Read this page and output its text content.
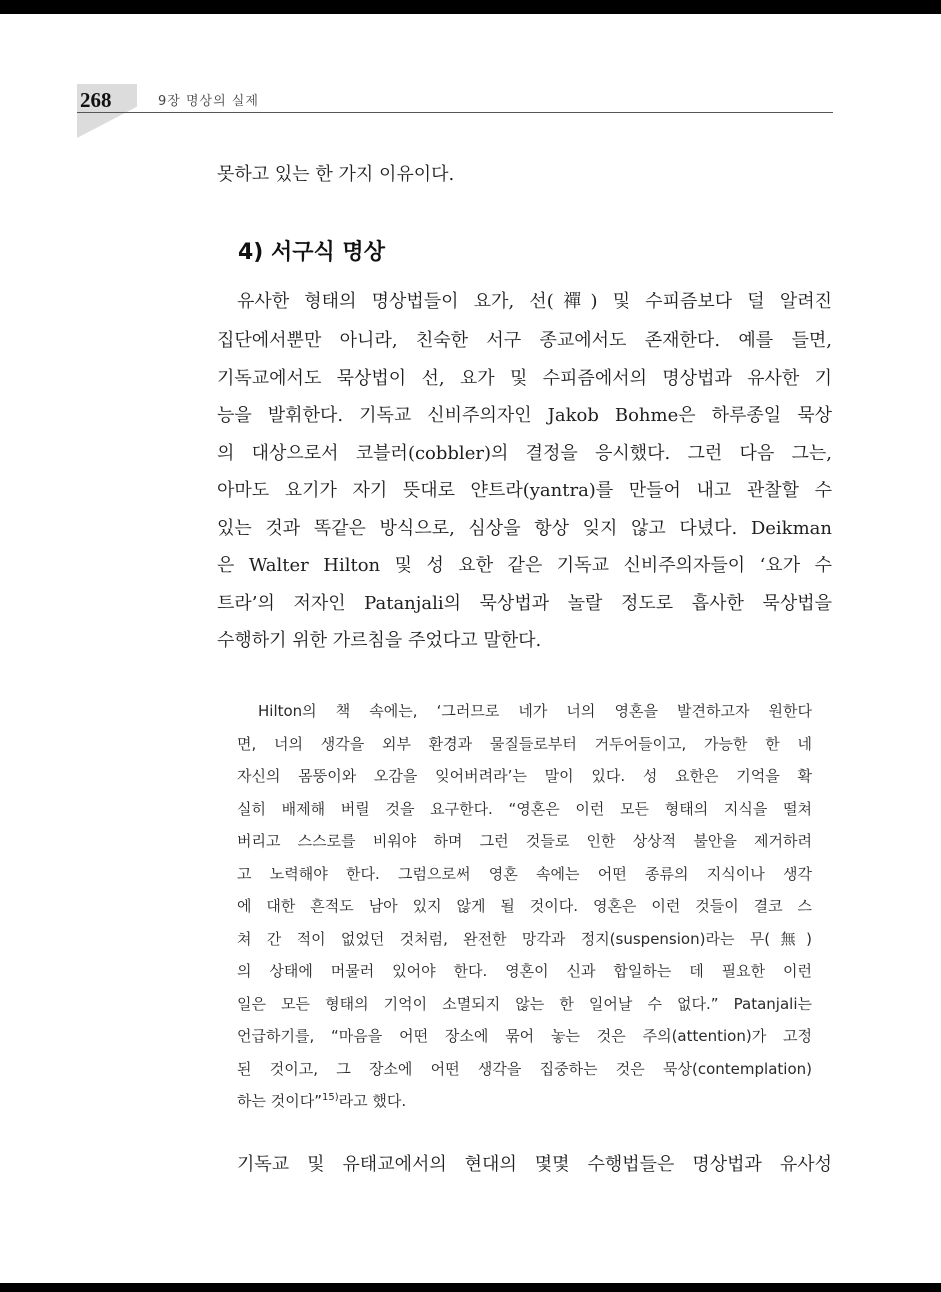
268	9장 명상의 실제
못하고 있는 한 가지 이유이다.
4) 서구식 명상
유사한 형태의 명상법들이 요가, 선(禪) 및 수피즘보다 덜 알려진
집단에서뿐만 아니라, 친숙한 서구 종교에서도 존재한다. 예를 들면,
기독교에서도 묵상법이 선, 요가 및 수피즘에서의 명상법과 유사한 기
능을 발휘한다. 기독교 신비주의자인 Jakob Bohme은 하루종일 묵상
의 대상으로서 코블러(cobbler)의 결정을 응시했다. 그런 다음 그는,
아마도 요기가 자기 뜻대로 얀트라(yantra)를 만들어 내고 관찰할 수
있는 것과 똑같은 방식으로, 심상을 항상 잊지 않고 다녔다. Deikman
은 Walter Hilton 및 성 요한 같은 기독교 신비주의자들이 ‘요가 수
트라’의 저자인 Patanjali의 묵상법과 놀랄 정도로 흡사한 묵상법을
수행하기 위한 가르침을 주었다고 말한다.
Hilton의 책 속에는, ‘그러므로 네가 너의 영혼을 발견하고자 원한다
면, 너의 생각을 외부 환경과 물질들로부터 거두어들이고, 가능한 한 네
자신의 몸뚱이와 오감을 잊어버려라’는 말이 있다. 성 요한은 기억을 확
실히 배제해 버릴 것을 요구한다. “영혼은 이런 모든 형태의 지식을 떨쳐
버리고 스스로를 비워야 하며 그런 것들로 인한 상상적 불안을 제거하려
고 노력해야 한다. 그럼으로써 영혼 속에는 어떤 종류의 지식이나 생각
에 대한 흔적도 남아 있지 않게 될 것이다. 영혼은 이런 것들이 결코 스
쳐 간 적이 없었던 것처럼, 완전한 망각과 정지(suspension)라는 무(無)
의 상태에 머물러 있어야 한다. 영혼이 신과 합일하는 데 필요한 이런
일은 모든 형태의 기억이 소멸되지 않는 한 일어날 수 없다.” Patanjali는
언급하기를, “마음을 어떤 장소에 묶어 놓는 것은 주의(attention)가 고정
된 것이고, 그 장소에 어떤 생각을 집중하는 것은 묵상(contemplation)
하는 것이다”$^{15)}$라고 했다.
기독교 및 유태교에서의 현대의 몇몇 수행법들은 명상법과 유사성
